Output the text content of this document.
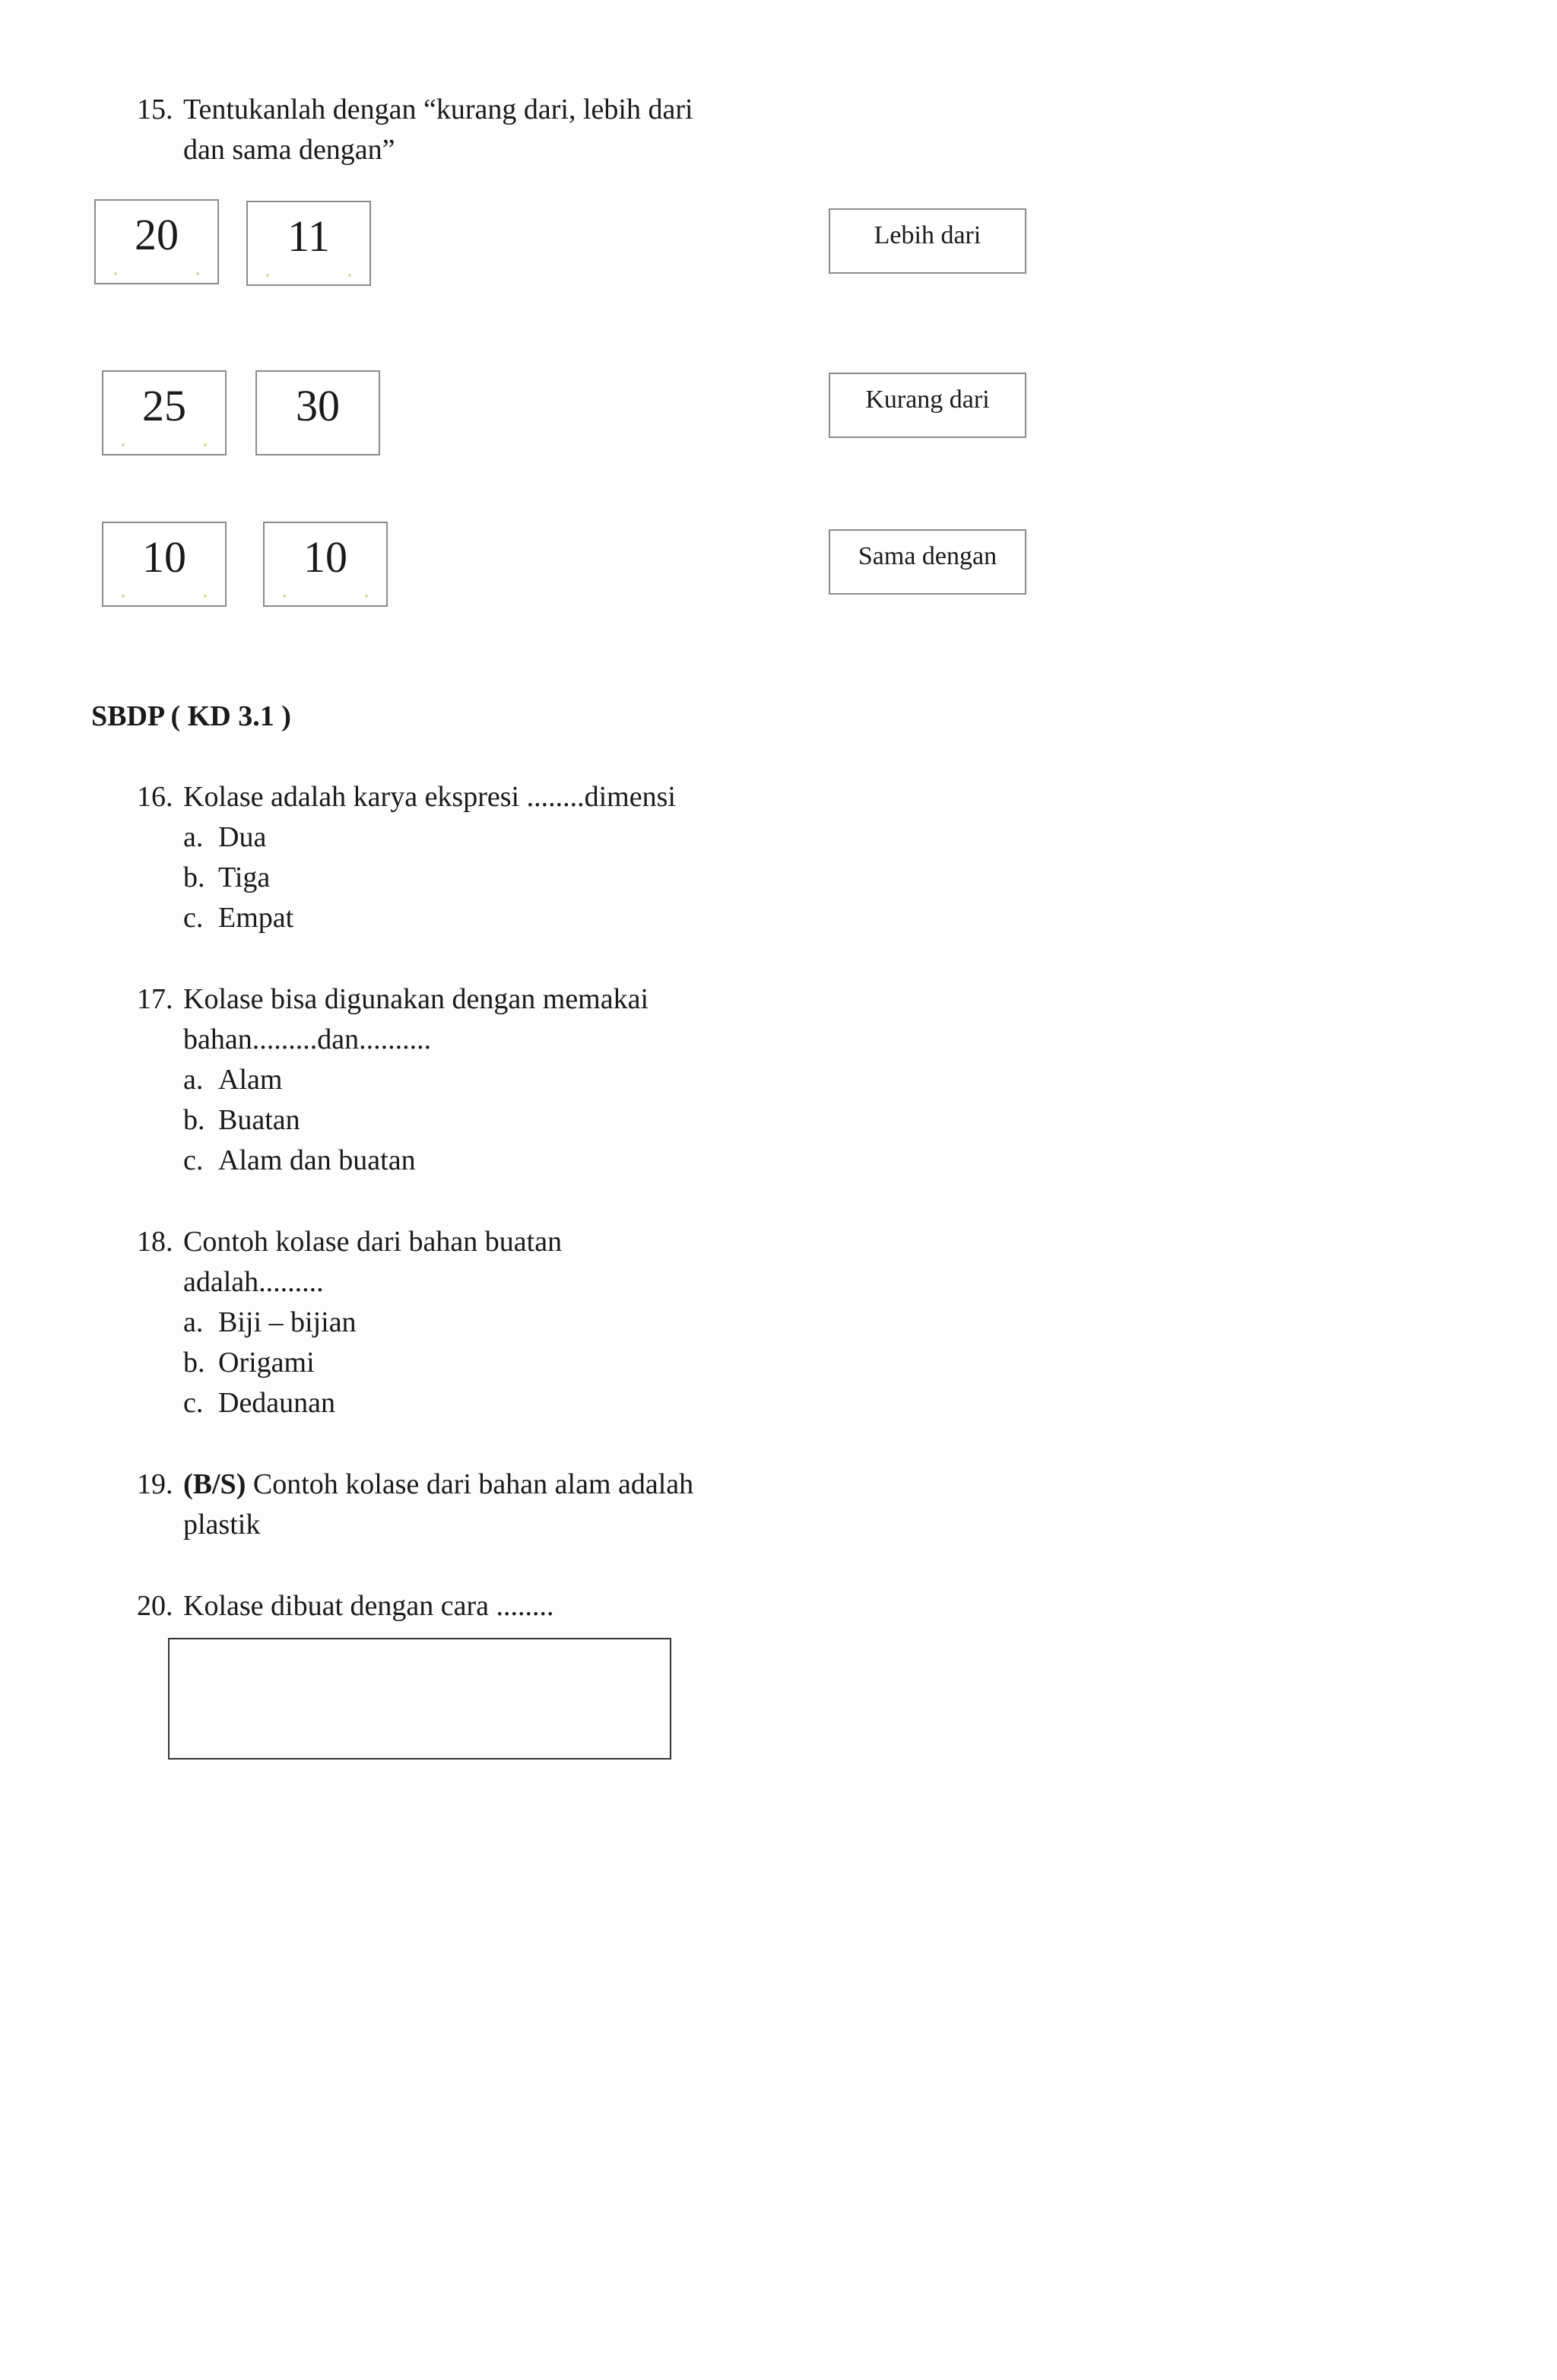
15. Tentukanlah dengan “kurang dari, lebih dari
dan sama dengan”
20	11	Lebih dari
25	30	Kurang dari
10	10	Sama dengan
SBDP ( KD 3.1 )
16. Kolase adalah karya ekspresi ........dimensi
a. Dua
b. Tiga
c. Empat
17. Kolase bisa digunakan dengan memakai
bahan.........dan..........
a. Alam
b. Buatan
c. Alam dan buatan
18. Contoh kolase dari bahan buatan
adalah.........
a. Biji – bijian
b. Origami
c. Dedaunan
19. (B/S) Contoh kolase dari bahan alam adalah
plastik
20. Kolase dibuat dengan cara ........
